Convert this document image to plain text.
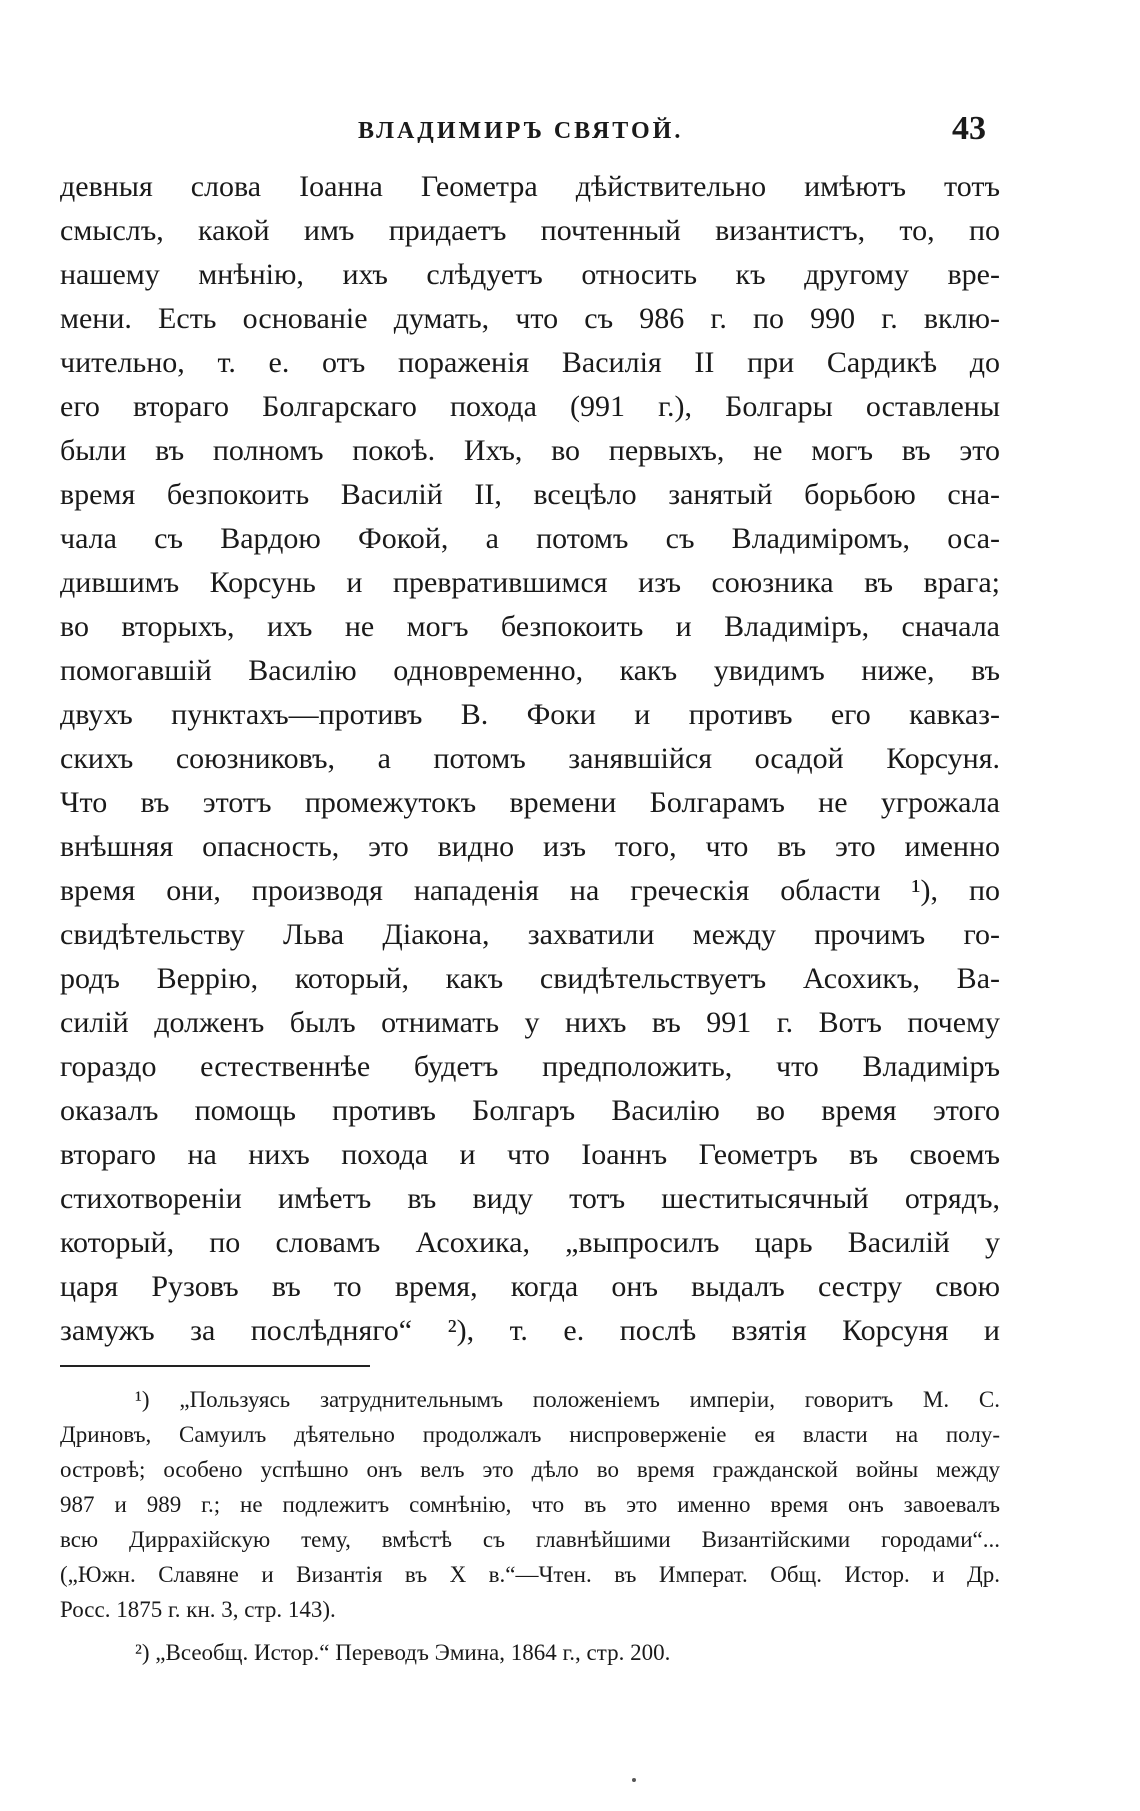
ВЛАДИМИРЪ СВЯТОЙ.	43
девныя слова Іоанна Геометра дѣйствительно имѣютъ тотъ
смыслъ, какой имъ придаетъ почтенный византистъ, то, по
нашему мнѣнію, ихъ слѣдуетъ относить къ другому вре-
мени. Есть основаніе думать, что съ 986 г. по 990 г. вклю-
чительно, т. е. отъ пораженія Василія II при Сардикѣ до
его втораго Болгарскаго похода (991 г.), Болгары оставлены
были въ полномъ покоѣ. Ихъ, во первыхъ, не могъ въ это
время безпокоить Василій II, всецѣло занятый борьбою сна-
чала съ Вардою Фокой, а потомъ съ Владиміромъ, оса-
дившимъ Корсунь и превратившимся изъ союзника въ врага;
во вторыхъ, ихъ не могъ безпокоить и Владиміръ, сначала
помогавшій Василію одновременно, какъ увидимъ ниже, въ
двухъ пунктахъ—противъ В. Фоки и противъ его кавказ-
скихъ союзниковъ, а потомъ занявшійся осадой Корсуня.
Что въ этотъ промежутокъ времени Болгарамъ не угрожала
внѣшняя опасность, это видно изъ того, что въ это именно
время они, производя нападенія на греческія области ¹), по
свидѣтельству Льва Діакона, захватили между прочимъ го-
родъ Веррію, который, какъ свидѣтельствуетъ Асохикъ, Ва-
силій долженъ былъ отнимать у нихъ въ 991 г. Вотъ почему
гораздо естественнѣе будетъ предположить, что Владиміръ
оказалъ помощь противъ Болгаръ Василію во время этого
втораго на нихъ похода и что Іоаннъ Геометръ въ своемъ
стихотвореніи имѣетъ въ виду тотъ шеститысячный отрядъ,
который, по словамъ Асохика, „выпросилъ царь Василій у
царя Рузовъ въ то время, когда онъ выдалъ сестру свою
замужъ за послѣдняго“ ²), т. е. послѣ взятія Корсуня и
¹) „Пользуясь затруднительнымъ положеніемъ имперіи, говоритъ М. С.
Дриновъ, Самуилъ дѣятельно продолжалъ ниспроверженіе ея власти на полу-
островѣ; особено успѣшно онъ велъ это дѣло во время гражданской войны между
987 и 989 г.; не подлежитъ сомнѣнію, что въ это именно время онъ завоевалъ
всю Диррахійскую тему, вмѣстѣ съ главнѣйшими Византійскими городами“...
(„Южн. Славяне и Византія въ X в.“—Чтен. въ Императ. Общ. Истор. и Др.
Росс. 1875 г. кн. 3, стр. 143).
²) „Всеобщ. Истор.“ Переводъ Эмина, 1864 г., стр. 200.
